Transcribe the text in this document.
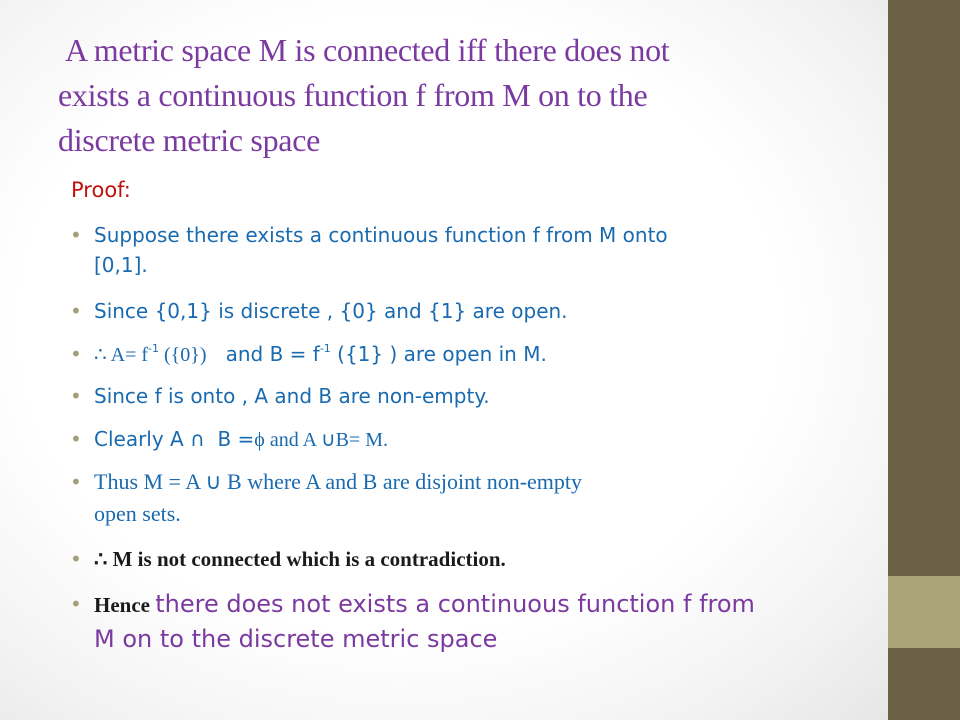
A metric space M is connected iff there does not
exists a continuous function f from M on to the
discrete metric space
Proof:
• Suppose there exists a continuous function f from M onto
[0,1].
• Since {0,1} is discrete , {0} and {1} are open.
• ∴ $A= f^{-1}$ ({0})   and $B = f^{-1}$ ({1} ) are open in M.
• Since f is onto , A and B are non-empty.
• Clearly A ∩  B =ϕ and A ∪B= M.
• Thus M = A ∪ B where A and B are disjoint non-empty
open sets.
• ∴ M is not connected which is a contradiction.
• Hence there does not exists a continuous function f from
M on to the discrete metric space
